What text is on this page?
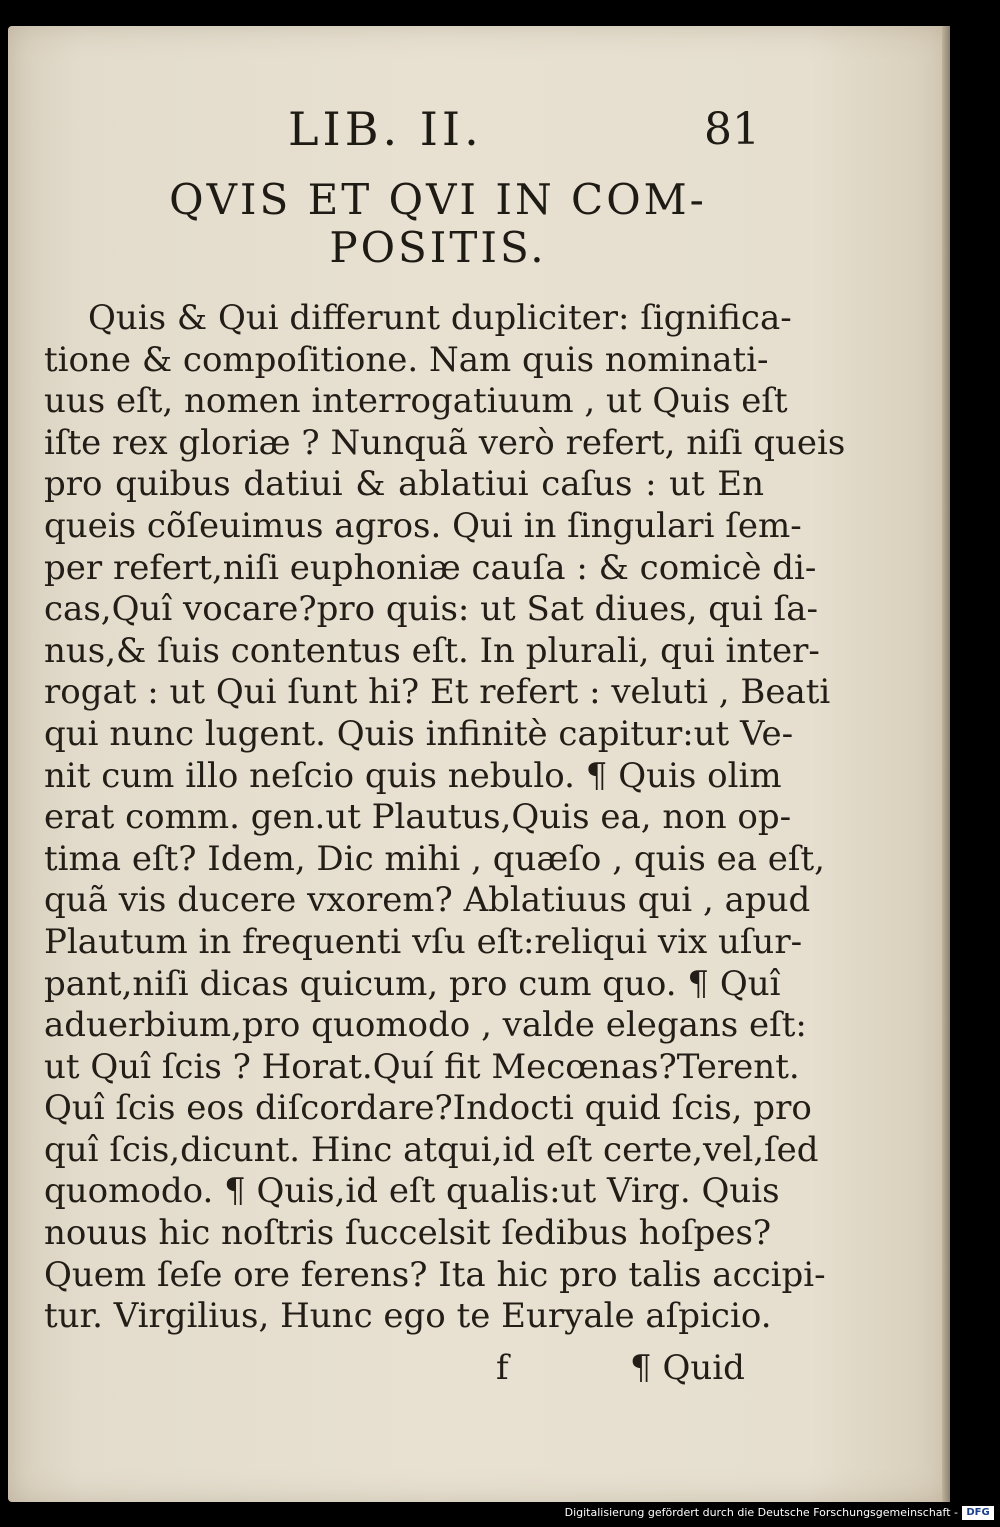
LIB. II.	81
QVIS ET QVI IN COM-
POSITIS.
Quis & Qui differunt dupliciter: ſignifica-
tione & compoſitione. Nam quis nominati-
uus eſt, nomen interrogatiuum , ut Quis eſt
iſte rex gloriæ ? Nunquã verò refert, niſi queis
pro quibus datiui & ablatiui caſus : ut En
queis cõſeuimus agros. Qui in ſingulari ſem-
per refert,niſi euphoniæ cauſa : & comicè di-
cas,Quî vocare?pro quis: ut Sat diues, qui ſa-
nus,& ſuis contentus eſt. In plurali, qui inter-
rogat : ut Qui ſunt hi? Et refert : veluti , Beati
qui nunc lugent. Quis infinitè capitur:ut Ve-
nit cum illo neſcio quis nebulo. ¶ Quis olim
erat comm. gen.ut Plautus,Quis ea, non op-
tima eſt? Idem, Dic mihi , quæſo , quis ea eſt,
quã vis ducere vxorem? Ablatiuus qui , apud
Plautum in frequenti vſu eſt:reliqui vix uſur-
pant,niſi dicas quicum, pro cum quo. ¶ Quî
aduerbium,pro quomodo , valde elegans eſt:
ut Quî ſcis ? Horat.Quí fit Mecœnas?Terent.
Quî ſcis eos diſcordare?Indocti quid ſcis, pro
quî ſcis,dicunt. Hinc atqui,id eſt certe,vel,ſed
quomodo. ¶ Quis,id eſt qualis:ut Virg. Quis
nouus hic noſtris ſuccelsit ſedibus hoſpes?
Quem ſeſe ore ferens? Ita hic pro talis accipi-
tur. Virgilius, Hunc ego te Euryale aſpicio.
f	¶ Quid
Digitalisierung gefördert durch die Deutsche Forschungsgemeinschaft - DFG
